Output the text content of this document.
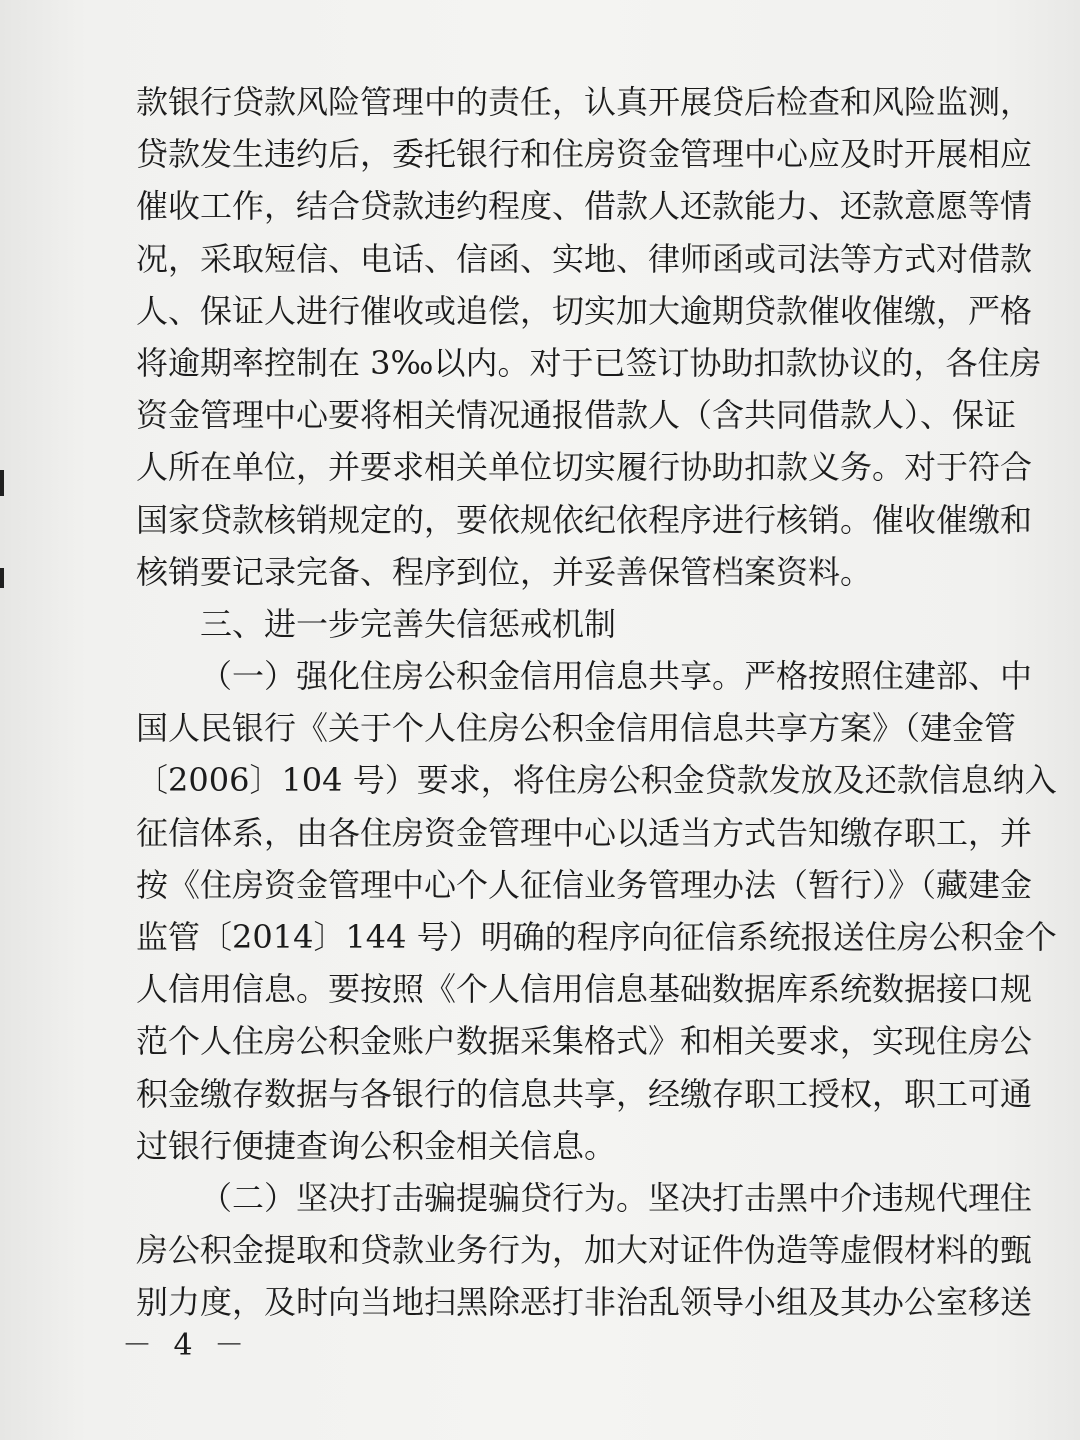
款银行贷款风险管理中的责任，认真开展贷后检查和风险监测，
贷款发生违约后，委托银行和住房资金管理中心应及时开展相应
催收工作，结合贷款违约程度、借款人还款能力、还款意愿等情
况，采取短信、电话、信函、实地、律师函或司法等方式对借款
人、保证人进行催收或追偿，切实加大逾期贷款催收催缴，严格
将逾期率控制在 3‰以内。对于已签订协助扣款协议的，各住房
资金管理中心要将相关情况通报借款人（含共同借款人）、保证
人所在单位，并要求相关单位切实履行协助扣款义务。对于符合
国家贷款核销规定的，要依规依纪依程序进行核销。催收催缴和
核销要记录完备、程序到位，并妥善保管档案资料。
三、进一步完善失信惩戒机制
（一）强化住房公积金信用信息共享。严格按照住建部、中
国人民银行《关于个人住房公积金信用信息共享方案》（建金管
〔2006〕104 号）要求，将住房公积金贷款发放及还款信息纳入
征信体系，由各住房资金管理中心以适当方式告知缴存职工，并
按《住房资金管理中心个人征信业务管理办法（暂行）》（藏建金
监管〔2014〕144 号）明确的程序向征信系统报送住房公积金个
人信用信息。要按照《个人信用信息基础数据库系统数据接口规
范个人住房公积金账户数据采集格式》和相关要求，实现住房公
积金缴存数据与各银行的信息共享，经缴存职工授权，职工可通
过银行便捷查询公积金相关信息。
（二）坚决打击骗提骗贷行为。坚决打击黑中介违规代理住
房公积金提取和贷款业务行为，加大对证件伪造等虚假材料的甄
别力度，及时向当地扫黑除恶打非治乱领导小组及其办公室移送
－ 4 －
